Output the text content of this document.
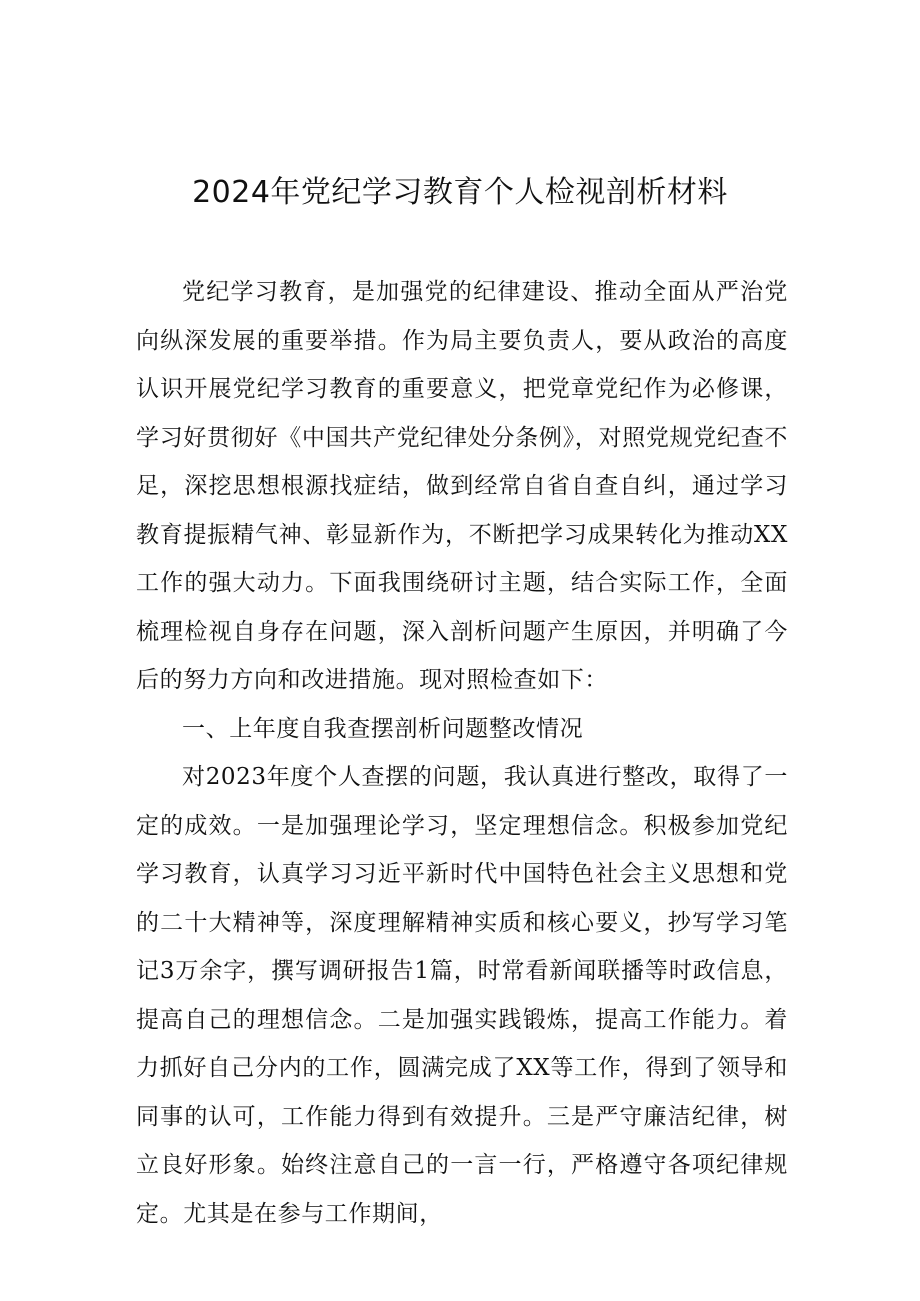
2024年党纪学习教育个人检视剖析材料

党纪学习教育，是加强党的纪律建设、推动全面从严治党向纵深发展的重要举措。作为局主要负责人，要从政治的高度认识开展党纪学习教育的重要意义，把党章党纪作为必修课，学习好贯彻好《中国共产党纪律处分条例》，对照党规党纪查不足，深挖思想根源找症结，做到经常自省自查自纠，通过学习教育提振精气神、彰显新作为，不断把学习成果转化为推动XX工作的强大动力。下面我围绕研讨主题，结合实际工作，全面梳理检视自身存在问题，深入剖析问题产生原因，并明确了今后的努力方向和改进措施。现对照检查如下：

一、上年度自我查摆剖析问题整改情况

对2023年度个人查摆的问题，我认真进行整改，取得了一定的成效。一是加强理论学习，坚定理想信念。积极参加党纪学习教育，认真学习习近平新时代中国特色社会主义思想和党的二十大精神等，深度理解精神实质和核心要义，抄写学习笔记3万余字，撰写调研报告1篇，时常看新闻联播等时政信息，提高自己的理想信念。二是加强实践锻炼，提高工作能力。着力抓好自己分内的工作，圆满完成了XX等工作，得到了领导和同事的认可，工作能力得到有效提升。三是严守廉洁纪律，树立良好形象。始终注意自己的一言一行，严格遵守各项纪律规定。尤其是在参与工作期间，
